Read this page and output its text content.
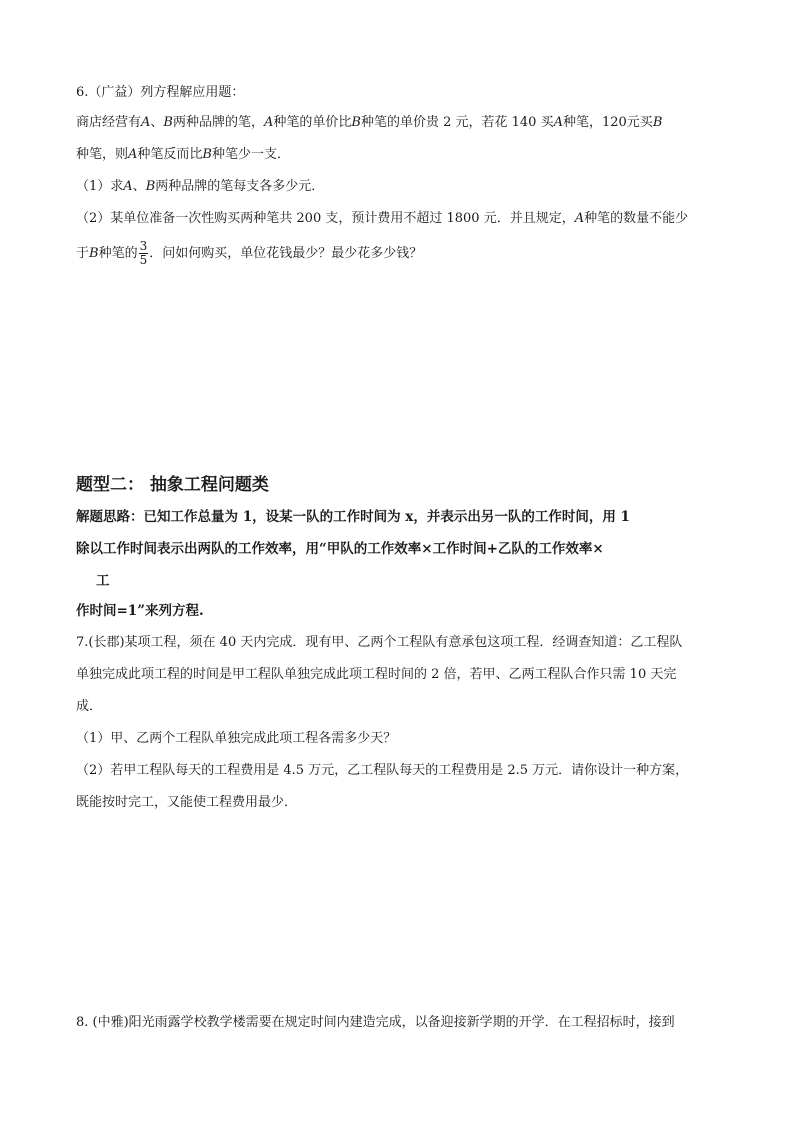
6.（广益）列方程解应用题：
商店经营有A、B两种品牌的笔，A种笔的单价比B种笔的单价贵 2 元，若花 140 买A种笔，120元买B
种笔，则A种笔反而比B种笔少一支．
（1）求A、B两种品牌的笔每支各多少元．
（2）某单位准备一次性购买两种笔共 200 支，预计费用不超过 1800 元．并且规定，A种笔的数量不能少
于B种笔的 $\frac{3}{5}$ ．问如何购买，单位花钱最少？最少花多少钱？
题型二： 抽象工程问题类
解题思路：已知工作总量为 1，设某一队的工作时间为 x，并表示出另一队的工作时间，用 1
除以工作时间表示出两队的工作效率，用“甲队的工作效率×工作时间+乙队的工作效率×
工
作时间=1”来列方程.
7.(长郡)某项工程，须在 40 天内完成．现有甲、乙两个工程队有意承包这项工程．经调查知道：乙工程队
单独完成此项工程的时间是甲工程队单独完成此项工程时间的 2 倍，若甲、乙两工程队合作只需 10 天完
成．
（1）甲、乙两个工程队单独完成此项工程各需多少天？
（2）若甲工程队每天的工程费用是 4.5 万元，乙工程队每天的工程费用是 2.5 万元．请你设计一种方案，
既能按时完工，又能使工程费用最少．
8. (中雅)阳光雨露学校教学楼需要在规定时间内建造完成，以备迎接新学期的开学．在工程招标时，接到
